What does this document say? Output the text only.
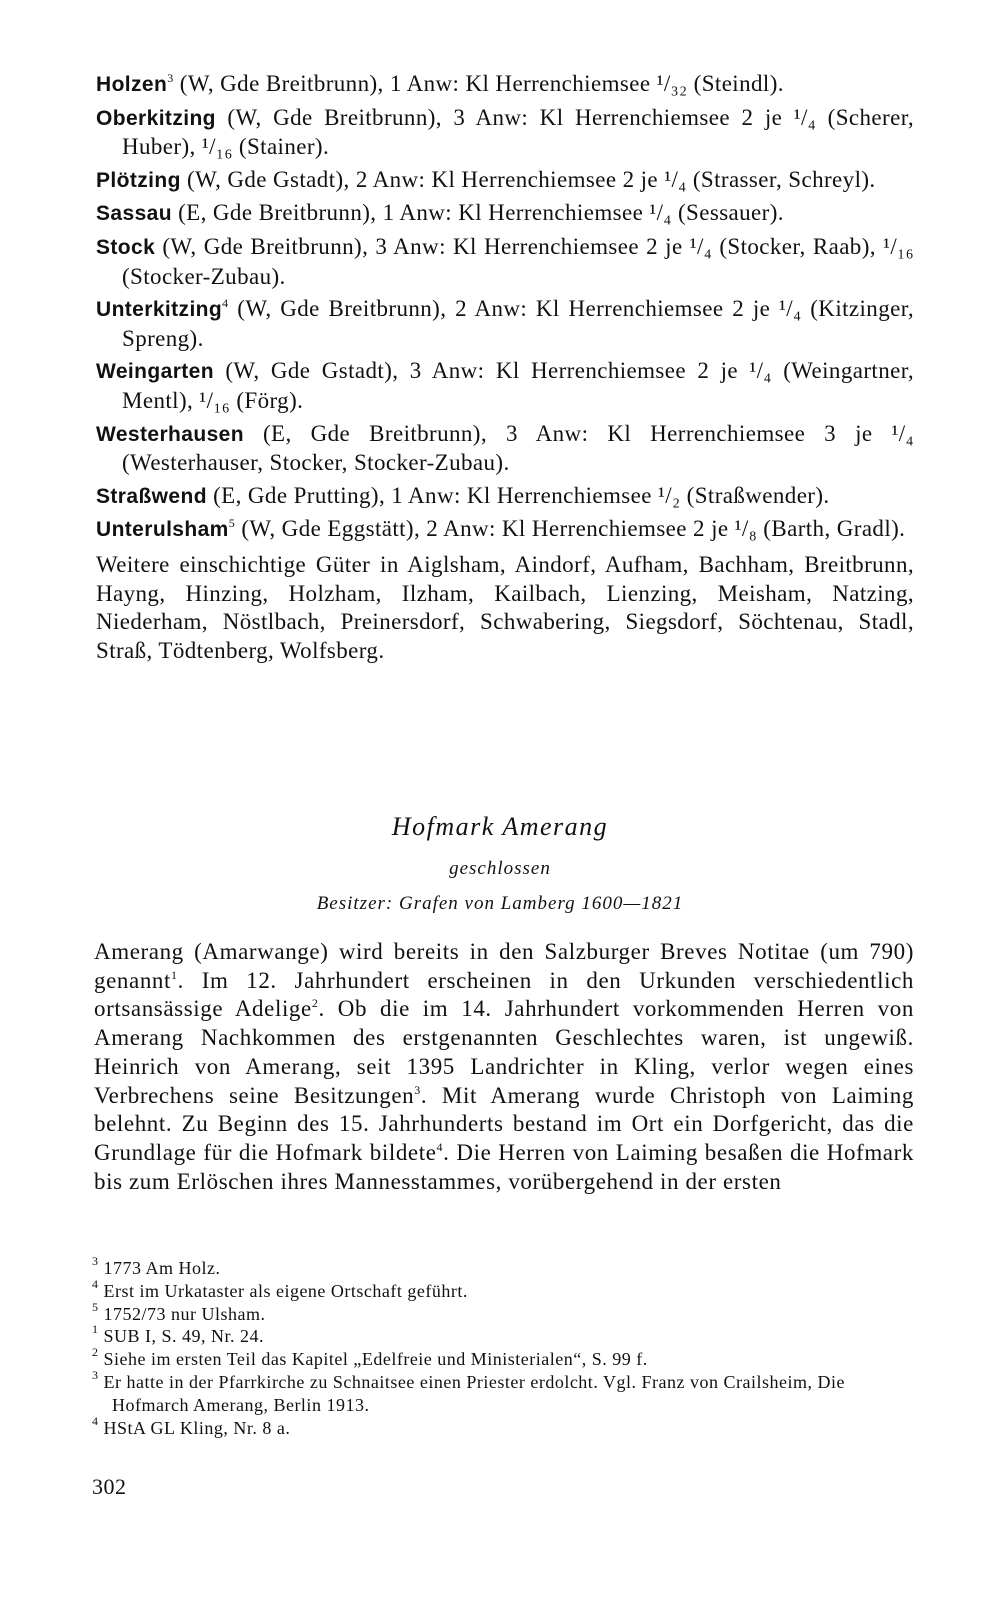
Holzen$^3$ (W, Gde Breitbrunn), 1 Anw: Kl Herrenchiemsee ¹/₃₂ (Steindl).

Oberkitzing (W, Gde Breitbrunn), 3 Anw: Kl Herrenchiemsee 2 je ¹/₄ (Scherer, Huber), ¹/₁₆ (Stainer).

Plötzing (W, Gde Gstadt), 2 Anw: Kl Herrenchiemsee 2 je ¹/₄ (Strasser, Schreyl).

Sassau (E, Gde Breitbrunn), 1 Anw: Kl Herrenchiemsee ¹/₄ (Sessauer).

Stock (W, Gde Breitbrunn), 3 Anw: Kl Herrenchiemsee 2 je ¹/₄ (Stocker, Raab), ¹/₁₆ (Stocker-Zubau).

Unterkitzing$^4$ (W, Gde Breitbrunn), 2 Anw: Kl Herrenchiemsee 2 je ¹/₄ (Kitzinger, Spreng).

Weingarten (W, Gde Gstadt), 3 Anw: Kl Herrenchiemsee 2 je ¹/₄ (Weingartner, Mentl), ¹/₁₆ (Förg).

Westerhausen (E, Gde Breitbrunn), 3 Anw: Kl Herrenchiemsee 3 je ¹/₄ (Westerhauser, Stocker, Stocker-Zubau).

Straßwend (E, Gde Prutting), 1 Anw: Kl Herrenchiemsee ¹/₂ (Straßwender).

Unterulsham$^5$ (W, Gde Eggstätt), 2 Anw: Kl Herrenchiemsee 2 je ¹/₈ (Barth, Gradl).

Weitere einschichtige Güter in Aiglsham, Aindorf, Aufham, Bachham, Breitbrunn, Hayng, Hinzing, Holzham, Ilzham, Kailbach, Lienzing, Meisham, Natzing, Niederham, Nöstlbach, Preinersdorf, Schwabering, Siegsdorf, Söchtenau, Stadl, Straß, Tödtenberg, Wolfsberg.

Hofmark Amerang
geschlossen
Besitzer: Grafen von Lamberg 1600—1821
Amerang (Amarwange) wird bereits in den Salzburger Breves Notitae (um 790) genannt$^1$. Im 12. Jahrhundert erscheinen in den Urkunden verschiedentlich ortsansässige Adelige$^2$. Ob die im 14. Jahrhundert vorkommenden Herren von Amerang Nachkommen des erstgenannten Geschlechtes waren, ist ungewiß. Heinrich von Amerang, seit 1395 Landrichter in Kling, verlor wegen eines Verbrechens seine Besitzungen$^3$. Mit Amerang wurde Christoph von Laiming belehnt. Zu Beginn des 15. Jahrhunderts bestand im Ort ein Dorfgericht, das die Grundlage für die Hofmark bildete$^4$. Die Herren von Laiming besaßen die Hofmark bis zum Erlöschen ihres Mannesstammes, vorübergehend in der ersten

$^3$ 1773 Am Holz.

$^4$ Erst im Urkataster als eigene Ortschaft geführt.

$^5$ 1752/73 nur Ulsham.

$^1$ SUB I, S. 49, Nr. 24.

$^2$ Siehe im ersten Teil das Kapitel „Edelfreie und Ministerialen“, S. 99 f.

$^3$ Er hatte in der Pfarrkirche zu Schnaitsee einen Priester erdolcht. Vgl. Franz von Crailsheim, Die Hofmarch Amerang, Berlin 1913.

$^4$ HStA GL Kling, Nr. 8 a.

302
